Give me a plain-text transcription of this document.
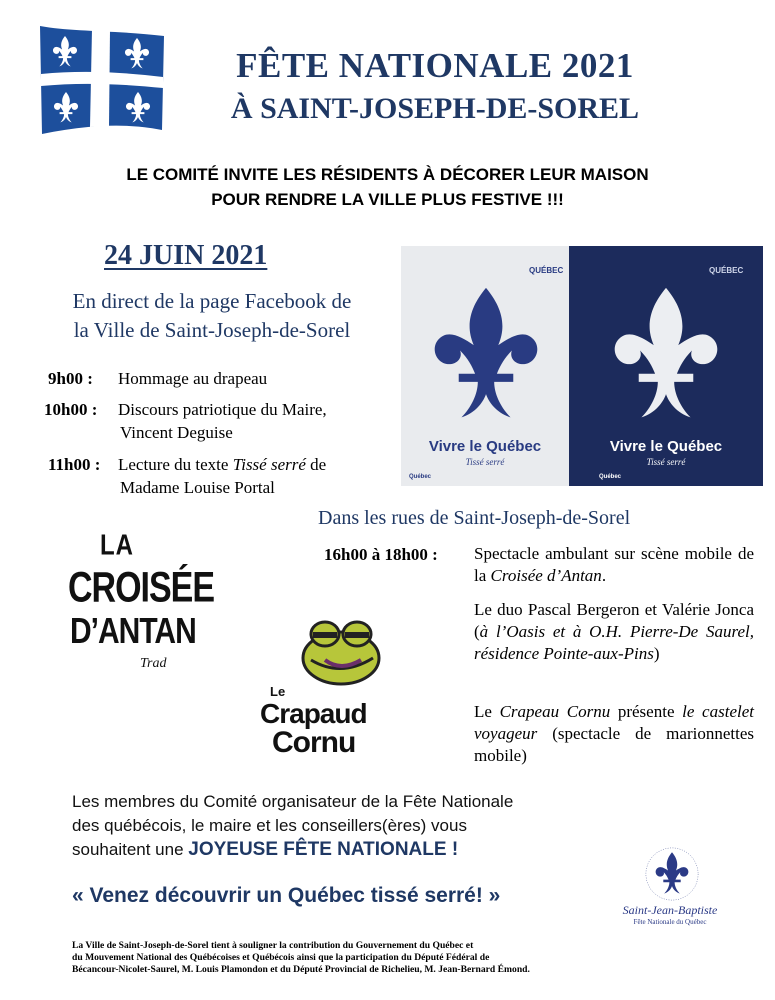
FÊTE NATIONALE 2021
À SAINT-JOSEPH-DE-SOREL
LE COMITÉ INVITE LES RÉSIDENTS À DÉCORER LEUR MAISON
POUR RENDRE LA VILLE PLUS FESTIVE !!!
24 JUIN 2021
En direct de la page Facebook de
la Ville de Saint-Joseph-de-Sorel
9h00 : Hommage au drapeau
10h00 : Discours patriotique du Maire,
Vincent Deguise
11h00 : Lecture du texte Tissé serré de
Madame Louise Portal
QUÉBEC
Vivre le Québec
Tissé serré
Québec
QUÉBEC
Vivre le Québec
Tissé serré
Québec
Dans les rues de Saint-Joseph-de-Sorel
16h00 à 18h00 : Spectacle ambulant sur scène mobile de la Croisée d’Antan.
Le duo Pascal Bergeron et Valérie Jonca (à l’Oasis et à O.H. Pierre-De Saurel, résidence Pointe-aux-Pins)
Le Crapeau Cornu présente le castelet voyageur (spectacle de marionnettes mobile)
LA
CROISÉE
D’ANTAN
Trad
Le
Crapaud
Cornu
Les membres du Comité organisateur de la Fête Nationale
des québécois, le maire et les conseillers(ères) vous
souhaitent une JOYEUSE FÊTE NATIONALE !
« Venez découvrir un Québec tissé serré! »
Saint-Jean-Baptiste
Fête Nationale du Québec
La Ville de Saint-Joseph-de-Sorel tient à souligner la contribution du Gouvernement du Québec et
du Mouvement National des Québécoises et Québécois ainsi que la participation du Député Fédéral de
Bécancour-Nicolet-Saurel, M. Louis Plamondon et du Député Provincial de Richelieu, M. Jean-Bernard Émond.
